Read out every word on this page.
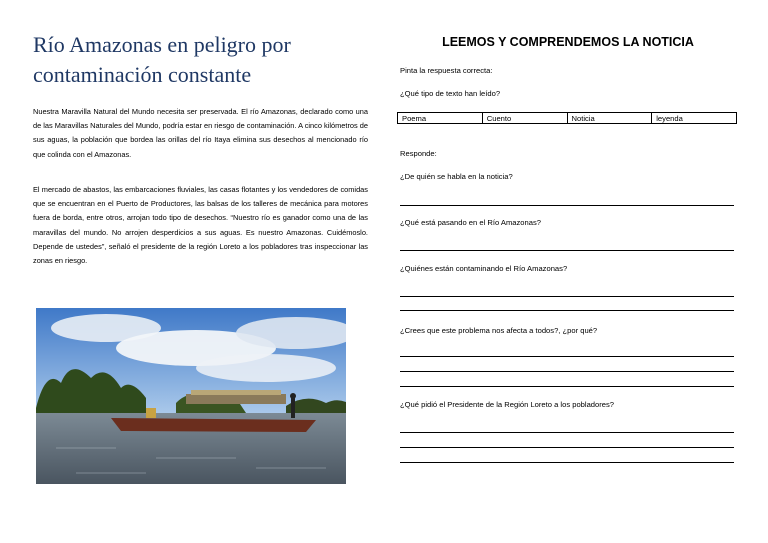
Río Amazonas en peligro por contaminación constante

Nuestra Maravilla Natural del Mundo necesita ser preservada. El río Amazonas, declarado como una de las Maravillas Naturales del Mundo, podría estar en riesgo de contaminación. A cinco kilómetros de sus aguas, la población que bordea las orillas del río Itaya elimina sus desechos al mencionado río que colinda con el Amazonas.

El mercado de abastos, las embarcaciones fluviales, las casas flotantes y los vendedores de comidas que se encuentran en el Puerto de Productores, las balsas de los talleres de mecánica para motores fuera de borda, entre otros, arrojan todo tipo de desechos. “Nuestro río es ganador como una de las maravillas del mundo. No arrojen desperdicios a sus aguas. Es nuestro Amazonas. Cuidémoslo. Depende de ustedes”, señaló el presidente de la región Loreto a los pobladores tras inspeccionar las zonas en riesgo.

LEEMOS Y COMPRENDEMOS LA NOTICIA

Pinta la respuesta correcta:

¿Qué tipo de texto han leído?

Poema	Cuento	Noticia	leyenda

Responde:

¿De quién se habla en la noticia?

¿Qué está pasando en el Río Amazonas?

¿Quiénes están contaminando el Río Amazonas?

¿Crees que este problema nos afecta a todos?, ¿por qué?

¿Qué pidió el Presidente de la Región Loreto a los pobladores?
